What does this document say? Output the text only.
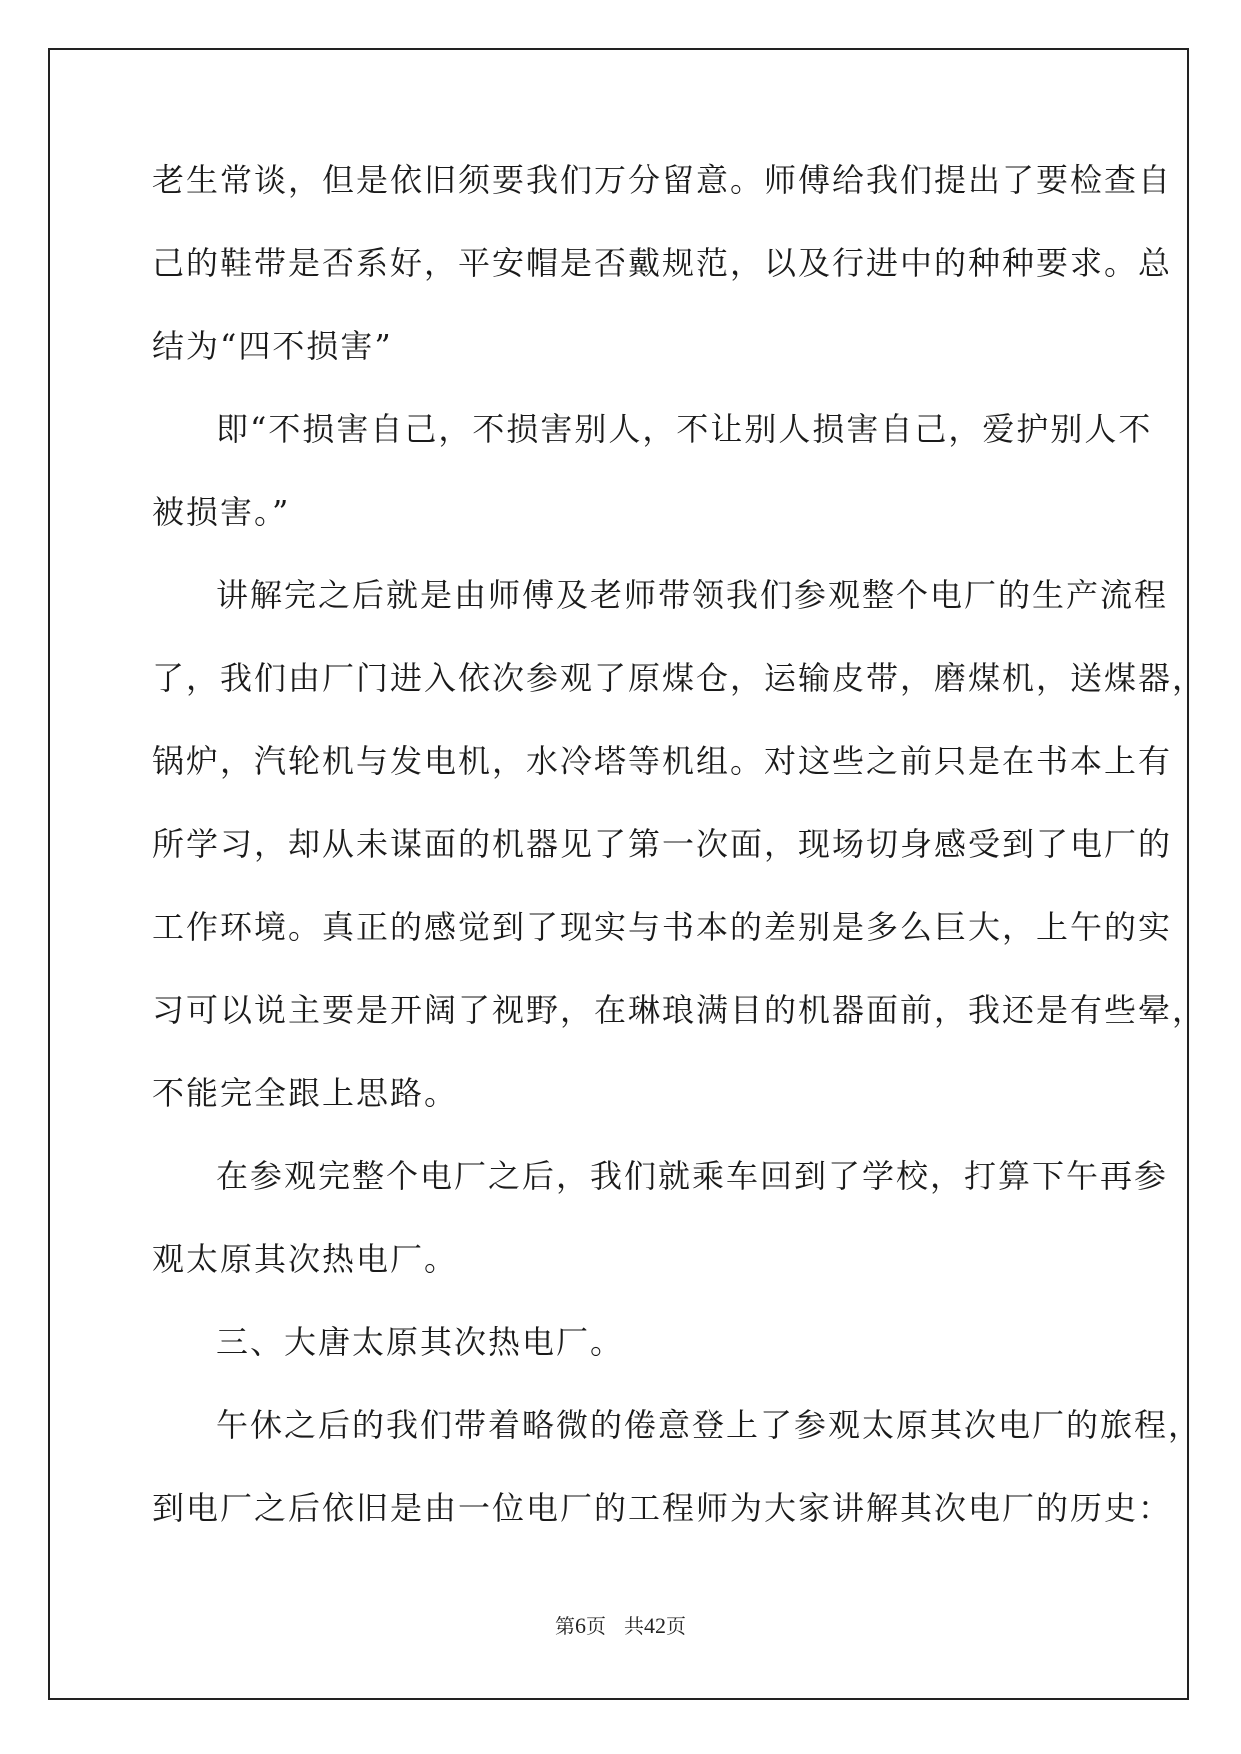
老生常谈，但是依旧须要我们万分留意。师傅给我们提出了要检查自
己的鞋带是否系好，平安帽是否戴规范，以及行进中的种种要求。总
结为“四不损害”
即“不损害自己，不损害别人，不让别人损害自己，爱护别人不
被损害。”
讲解完之后就是由师傅及老师带领我们参观整个电厂的生产流程
了，我们由厂门进入依次参观了原煤仓，运输皮带，磨煤机，送煤器，
锅炉，汽轮机与发电机，水冷塔等机组。对这些之前只是在书本上有
所学习，却从未谋面的机器见了第一次面，现场切身感受到了电厂的
工作环境。真正的感觉到了现实与书本的差别是多么巨大，上午的实
习可以说主要是开阔了视野，在琳琅满目的机器面前，我还是有些晕，
不能完全跟上思路。
在参观完整个电厂之后，我们就乘车回到了学校，打算下午再参
观太原其次热电厂。
三、大唐太原其次热电厂。
午休之后的我们带着略微的倦意登上了参观太原其次电厂的旅程，
到电厂之后依旧是由一位电厂的工程师为大家讲解其次电厂的历史：
第6页 共42页
